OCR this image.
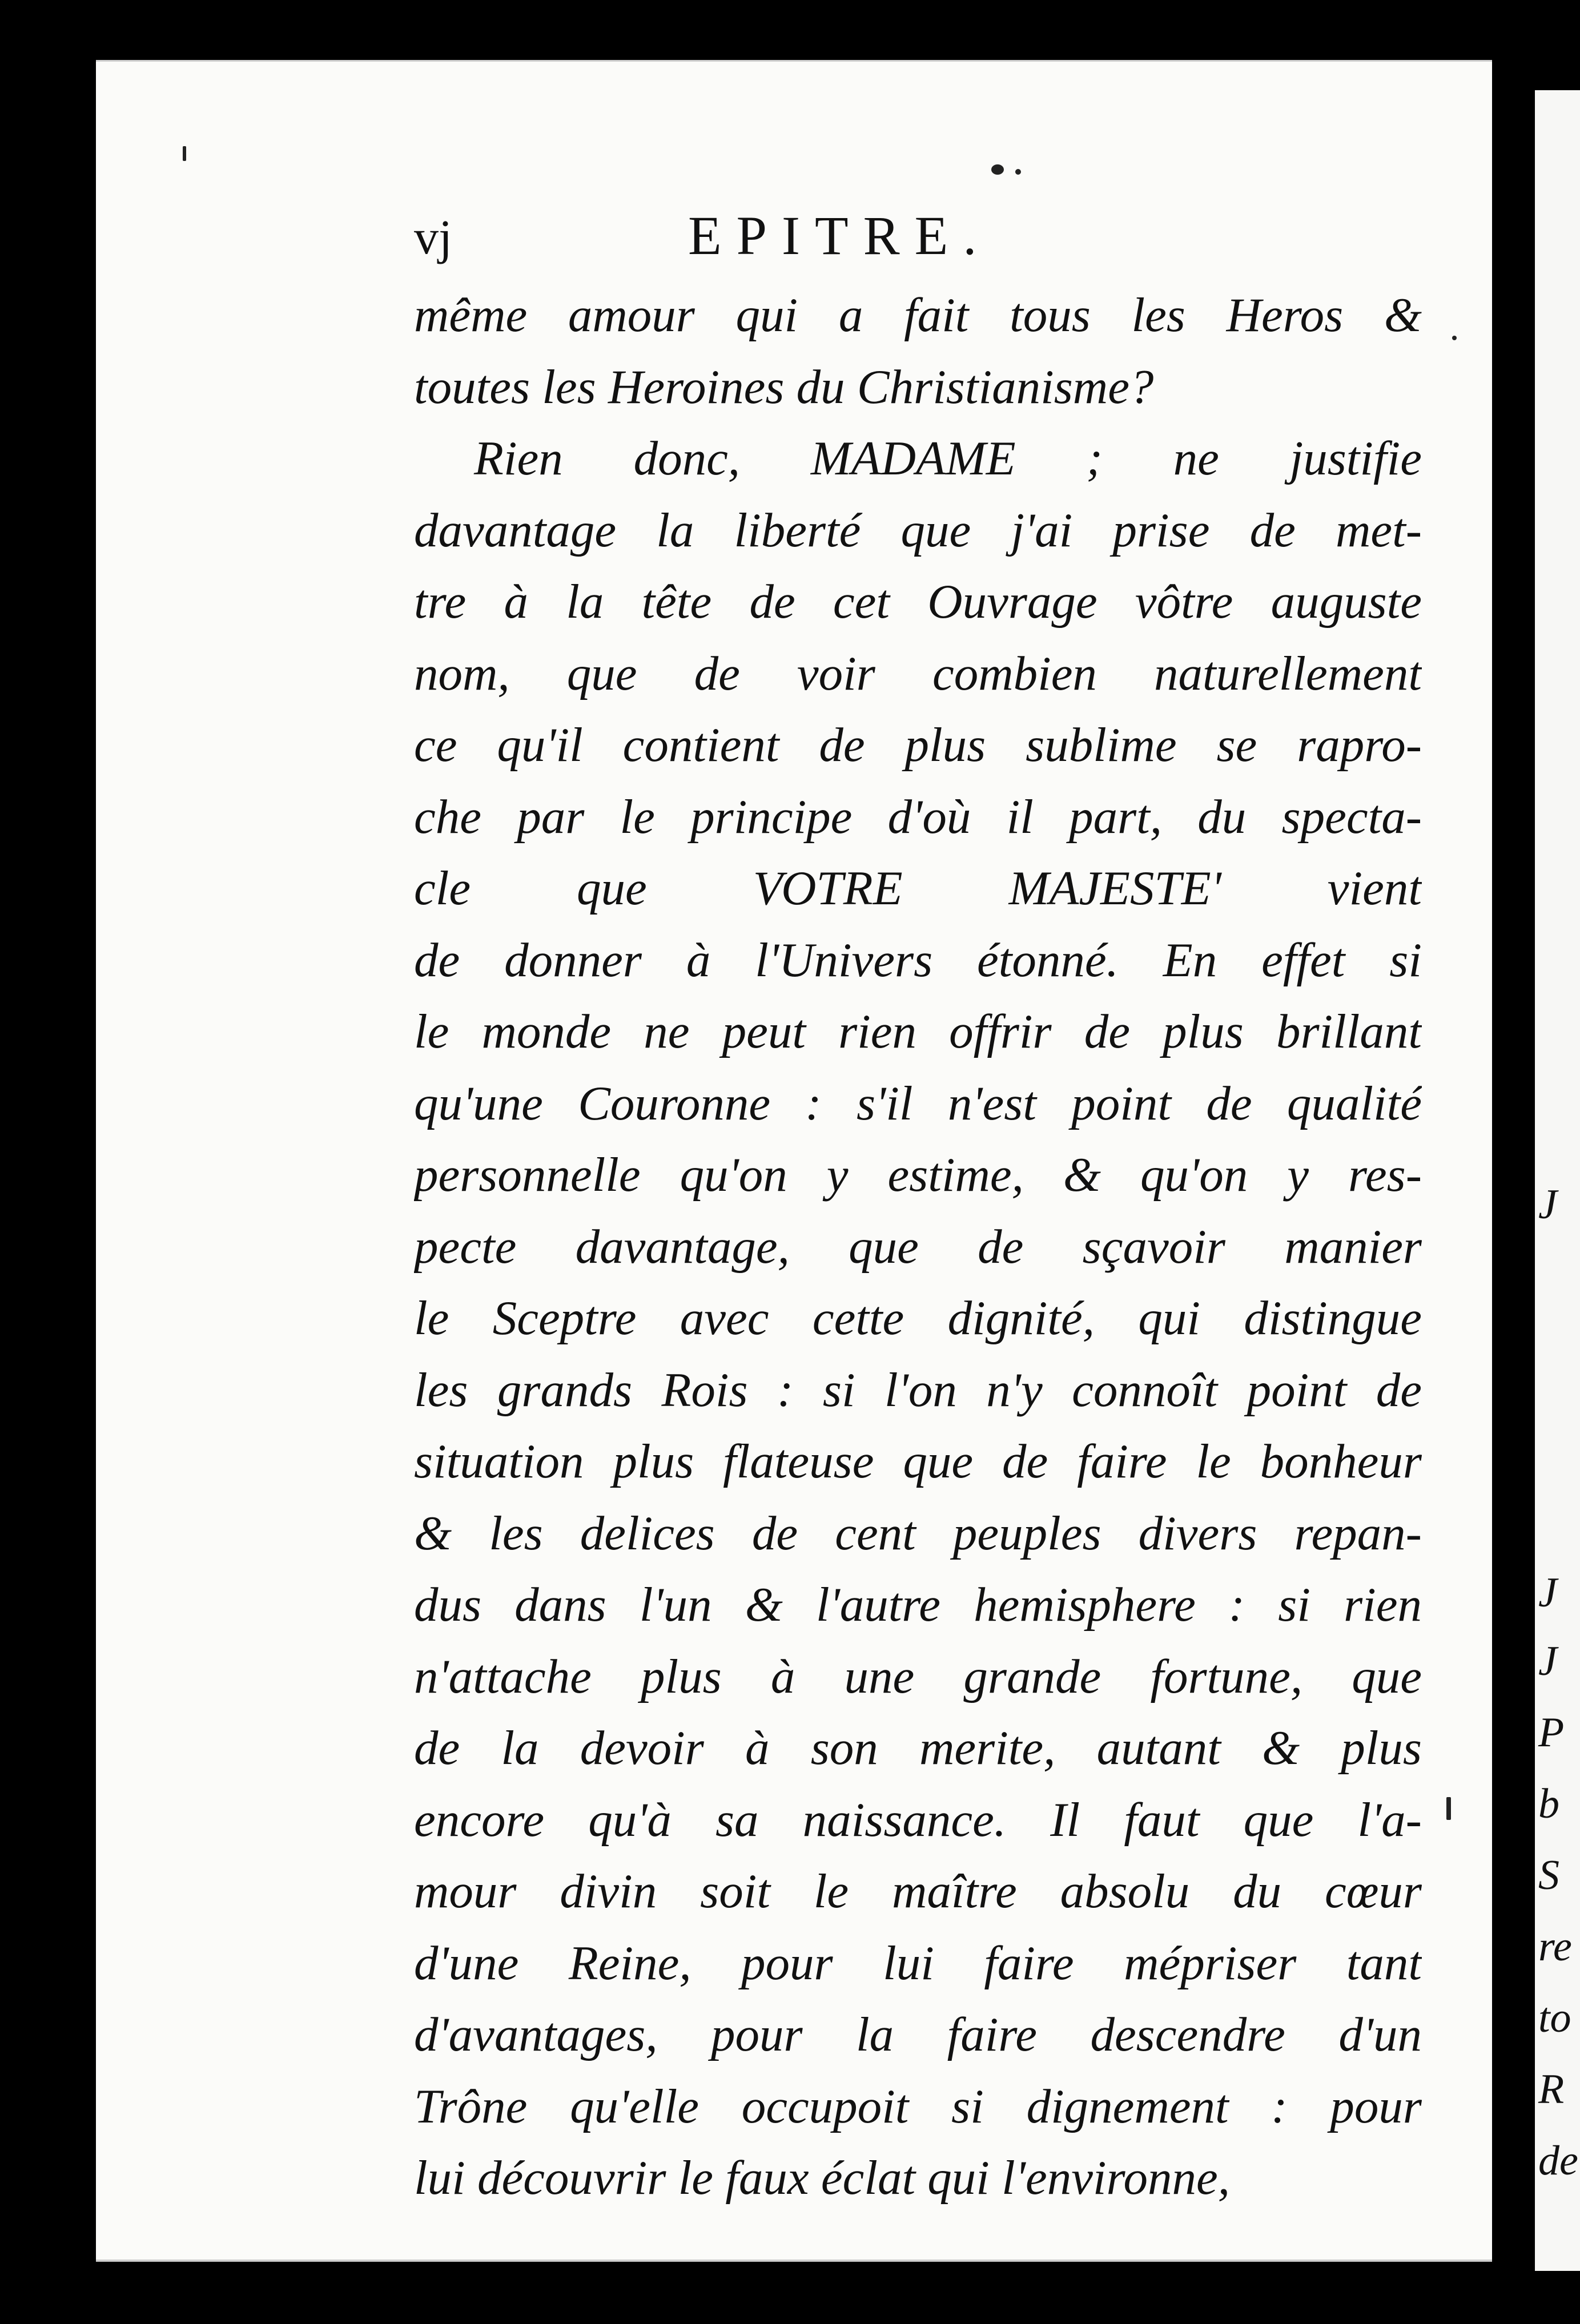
J
J
J
P
b
S
re
to
R
de
vj	EPITRE.
même amour qui a fait tous les Heros &
toutes les Heroines du Christianisme?
Rien donc, MADAME ; ne justifie
davantage la liberté que j'ai prise de met-
tre à la tête de cet Ouvrage vôtre auguste
nom, que de voir combien naturellement
ce qu'il contient de plus sublime se rapro-
che par le principe d'où il part, du specta-
cle que VOTRE MAJESTE' vient
de donner à l'Univers étonné. En effet si
le monde ne peut rien offrir de plus brillant
qu'une Couronne : s'il n'est point de qualité
personnelle qu'on y estime, & qu'on y res-
pecte davantage, que de sçavoir manier
le Sceptre avec cette dignité, qui distingue
les grands Rois : si l'on n'y connoît point de
situation plus flateuse que de faire le bonheur
& les delices de cent peuples divers repan-
dus dans l'un & l'autre hemisphere : si rien
n'attache plus à une grande fortune, que
de la devoir à son merite, autant & plus
encore qu'à sa naissance. Il faut que l'a-
mour divin soit le maître absolu du cœur
d'une Reine, pour lui faire mépriser tant
d'avantages, pour la faire descendre d'un
Trône qu'elle occupoit si dignement : pour
lui découvrir le faux éclat qui l'environne,
